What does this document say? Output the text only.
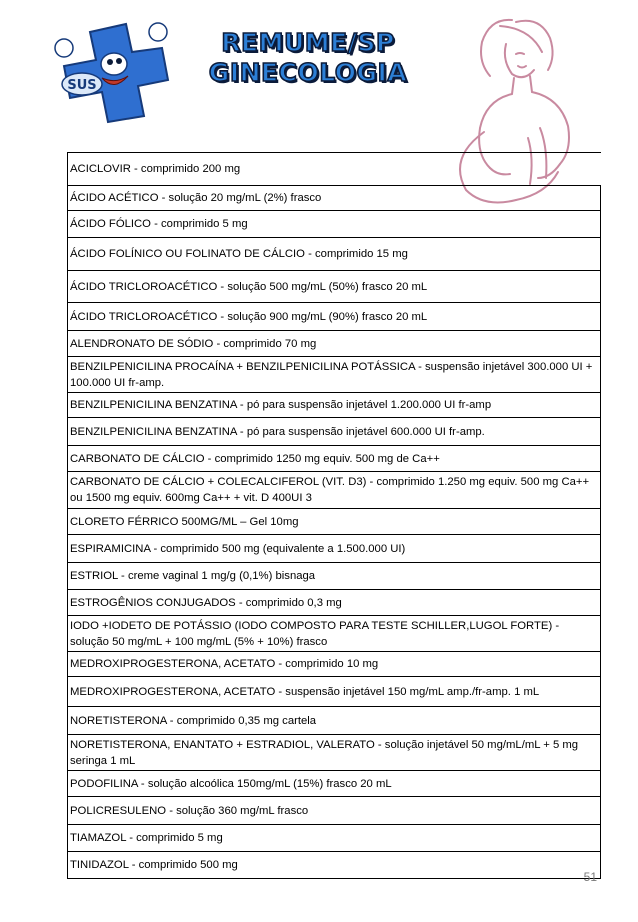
SUS
REMUME/SP
GINECOLOGIA
ACICLOVIR - comprimido 200 mg
ÁCIDO ACÉTICO - solução 20 mg/mL (2%) frasco
ÁCIDO FÓLICO - comprimido 5 mg
ÁCIDO FOLÍNICO OU FOLINATO DE CÁLCIO - comprimido 15 mg
ÁCIDO TRICLOROACÉTICO - solução 500 mg/mL (50%) frasco 20 mL
ÁCIDO TRICLOROACÉTICO - solução 900 mg/mL (90%) frasco 20 mL
ALENDRONATO DE SÓDIO - comprimido 70 mg
BENZILPENICILINA PROCAÍNA + BENZILPENICILINA POTÁSSICA - suspensão injetável 300.000 UI + 100.000 UI fr-amp.
BENZILPENICILINA BENZATINA - pó para suspensão injetável 1.200.000 UI fr-amp
BENZILPENICILINA BENZATINA - pó para suspensão injetável 600.000 UI fr-amp.
CARBONATO DE CÁLCIO - comprimido 1250 mg equiv. 500 mg de Ca++
CARBONATO DE CÁLCIO + COLECALCIFEROL (VIT. D3) - comprimido 1.250 mg equiv. 500 mg Ca++ ou 1500 mg equiv. 600mg Ca++ + vit. D 400UI 3
CLORETO FÉRRICO 500MG/ML – Gel 10mg
ESPIRAMICINA - comprimido 500 mg (equivalente a 1.500.000 UI)
ESTRIOL - creme vaginal 1 mg/g (0,1%) bisnaga
ESTROGÊNIOS CONJUGADOS - comprimido 0,3 mg
IODO +IODETO DE POTÁSSIO (IODO COMPOSTO PARA TESTE SCHILLER,LUGOL FORTE) - solução 50 mg/mL + 100 mg/mL (5% + 10%) frasco
MEDROXIPROGESTERONA, ACETATO - comprimido 10 mg
MEDROXIPROGESTERONA, ACETATO - suspensão injetável 150 mg/mL amp./fr-amp. 1 mL
NORETISTERONA - comprimido 0,35 mg cartela
NORETISTERONA, ENANTATO + ESTRADIOL, VALERATO - solução injetável 50 mg/mL/mL + 5 mg seringa 1 mL
PODOFILINA - solução alcoólica 150mg/mL (15%) frasco 20 mL
POLICRESULENO - solução 360 mg/mL frasco
TIAMAZOL - comprimido 5 mg
TINIDAZOL - comprimido 500 mg
51
